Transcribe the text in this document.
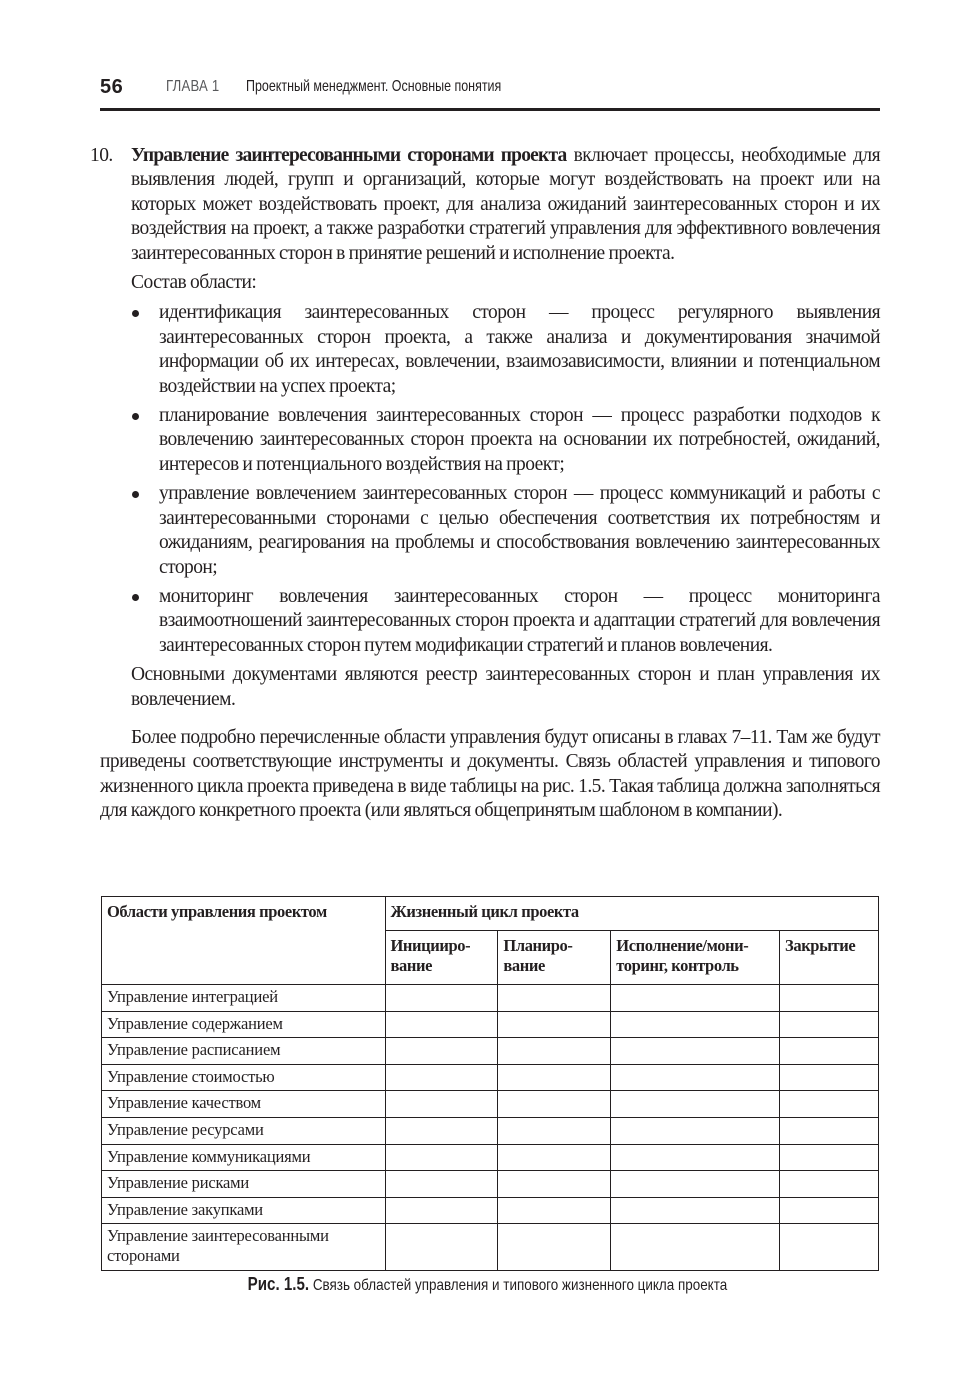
56	ГЛАВА 1 Проектный менеджмент. Основные понятия
10. Управление заинтересованными сторонами проекта включает процессы, необходимые для выявления людей, групп и организаций, которые могут воздействовать на проект или на которых может воздействовать проект, для анализа ожиданий заинтересованных сторон и их воздействия на проект, а также разработки стратегий управления для эффективного вовлечения заинтересованных сторон в принятие решений и исполнение проекта.
Состав области:
идентификация заинтересованных сторон — процесс регулярного выявления заинтересованных сторон проекта, а также анализа и документирования значимой информации об их интересах, вовлечении, взаимозависимости, влиянии и потенциальном воздействии на успех проекта;
планирование вовлечения заинтересованных сторон — процесс разработки подходов к вовлечению заинтересованных сторон проекта на основании их потребностей, ожиданий, интересов и потенциального воздействия на проект;
управление вовлечением заинтересованных сторон — процесс коммуникаций и работы с заинтересованными сторонами с целью обеспечения соответствия их потребностям и ожиданиям, реагирования на проблемы и способствования вовлечению заинтересованных сторон;
мониторинг вовлечения заинтересованных сторон — процесс мониторинга взаимоотношений заинтересованных сторон проекта и адаптации стратегий для вовлечения заинтересованных сторон путем модификации стратегий и планов вовлечения.
Основными документами являются реестр заинтересованных сторон и план управления их вовлечением.
Более подробно перечисленные области управления будут описаны в главах 7–11. Там же будут приведены соответствующие инструменты и документы. Связь областей управления и типового жизненного цикла проекта приведена в виде таблицы на рис. 1.5. Такая таблица должна заполняться для каждого конкретного проекта (или являться общепринятым шаблоном в компании).
Области управления проектом	Жизненный цикл проекта			
	Иницииро-вание	Планиро-вание	Исполнение/мони-торинг, контроль	Закрытие
Управление интеграцией				
Управление содержанием				
Управление расписанием				
Управление стоимостью				
Управление качеством				
Управление ресурсами				
Управление коммуникациями				
Управление рисками				
Управление закупками				
Управление заинтересованными сторонами				
Рис. 1.5. Связь областей управления и типового жизненного цикла проекта
